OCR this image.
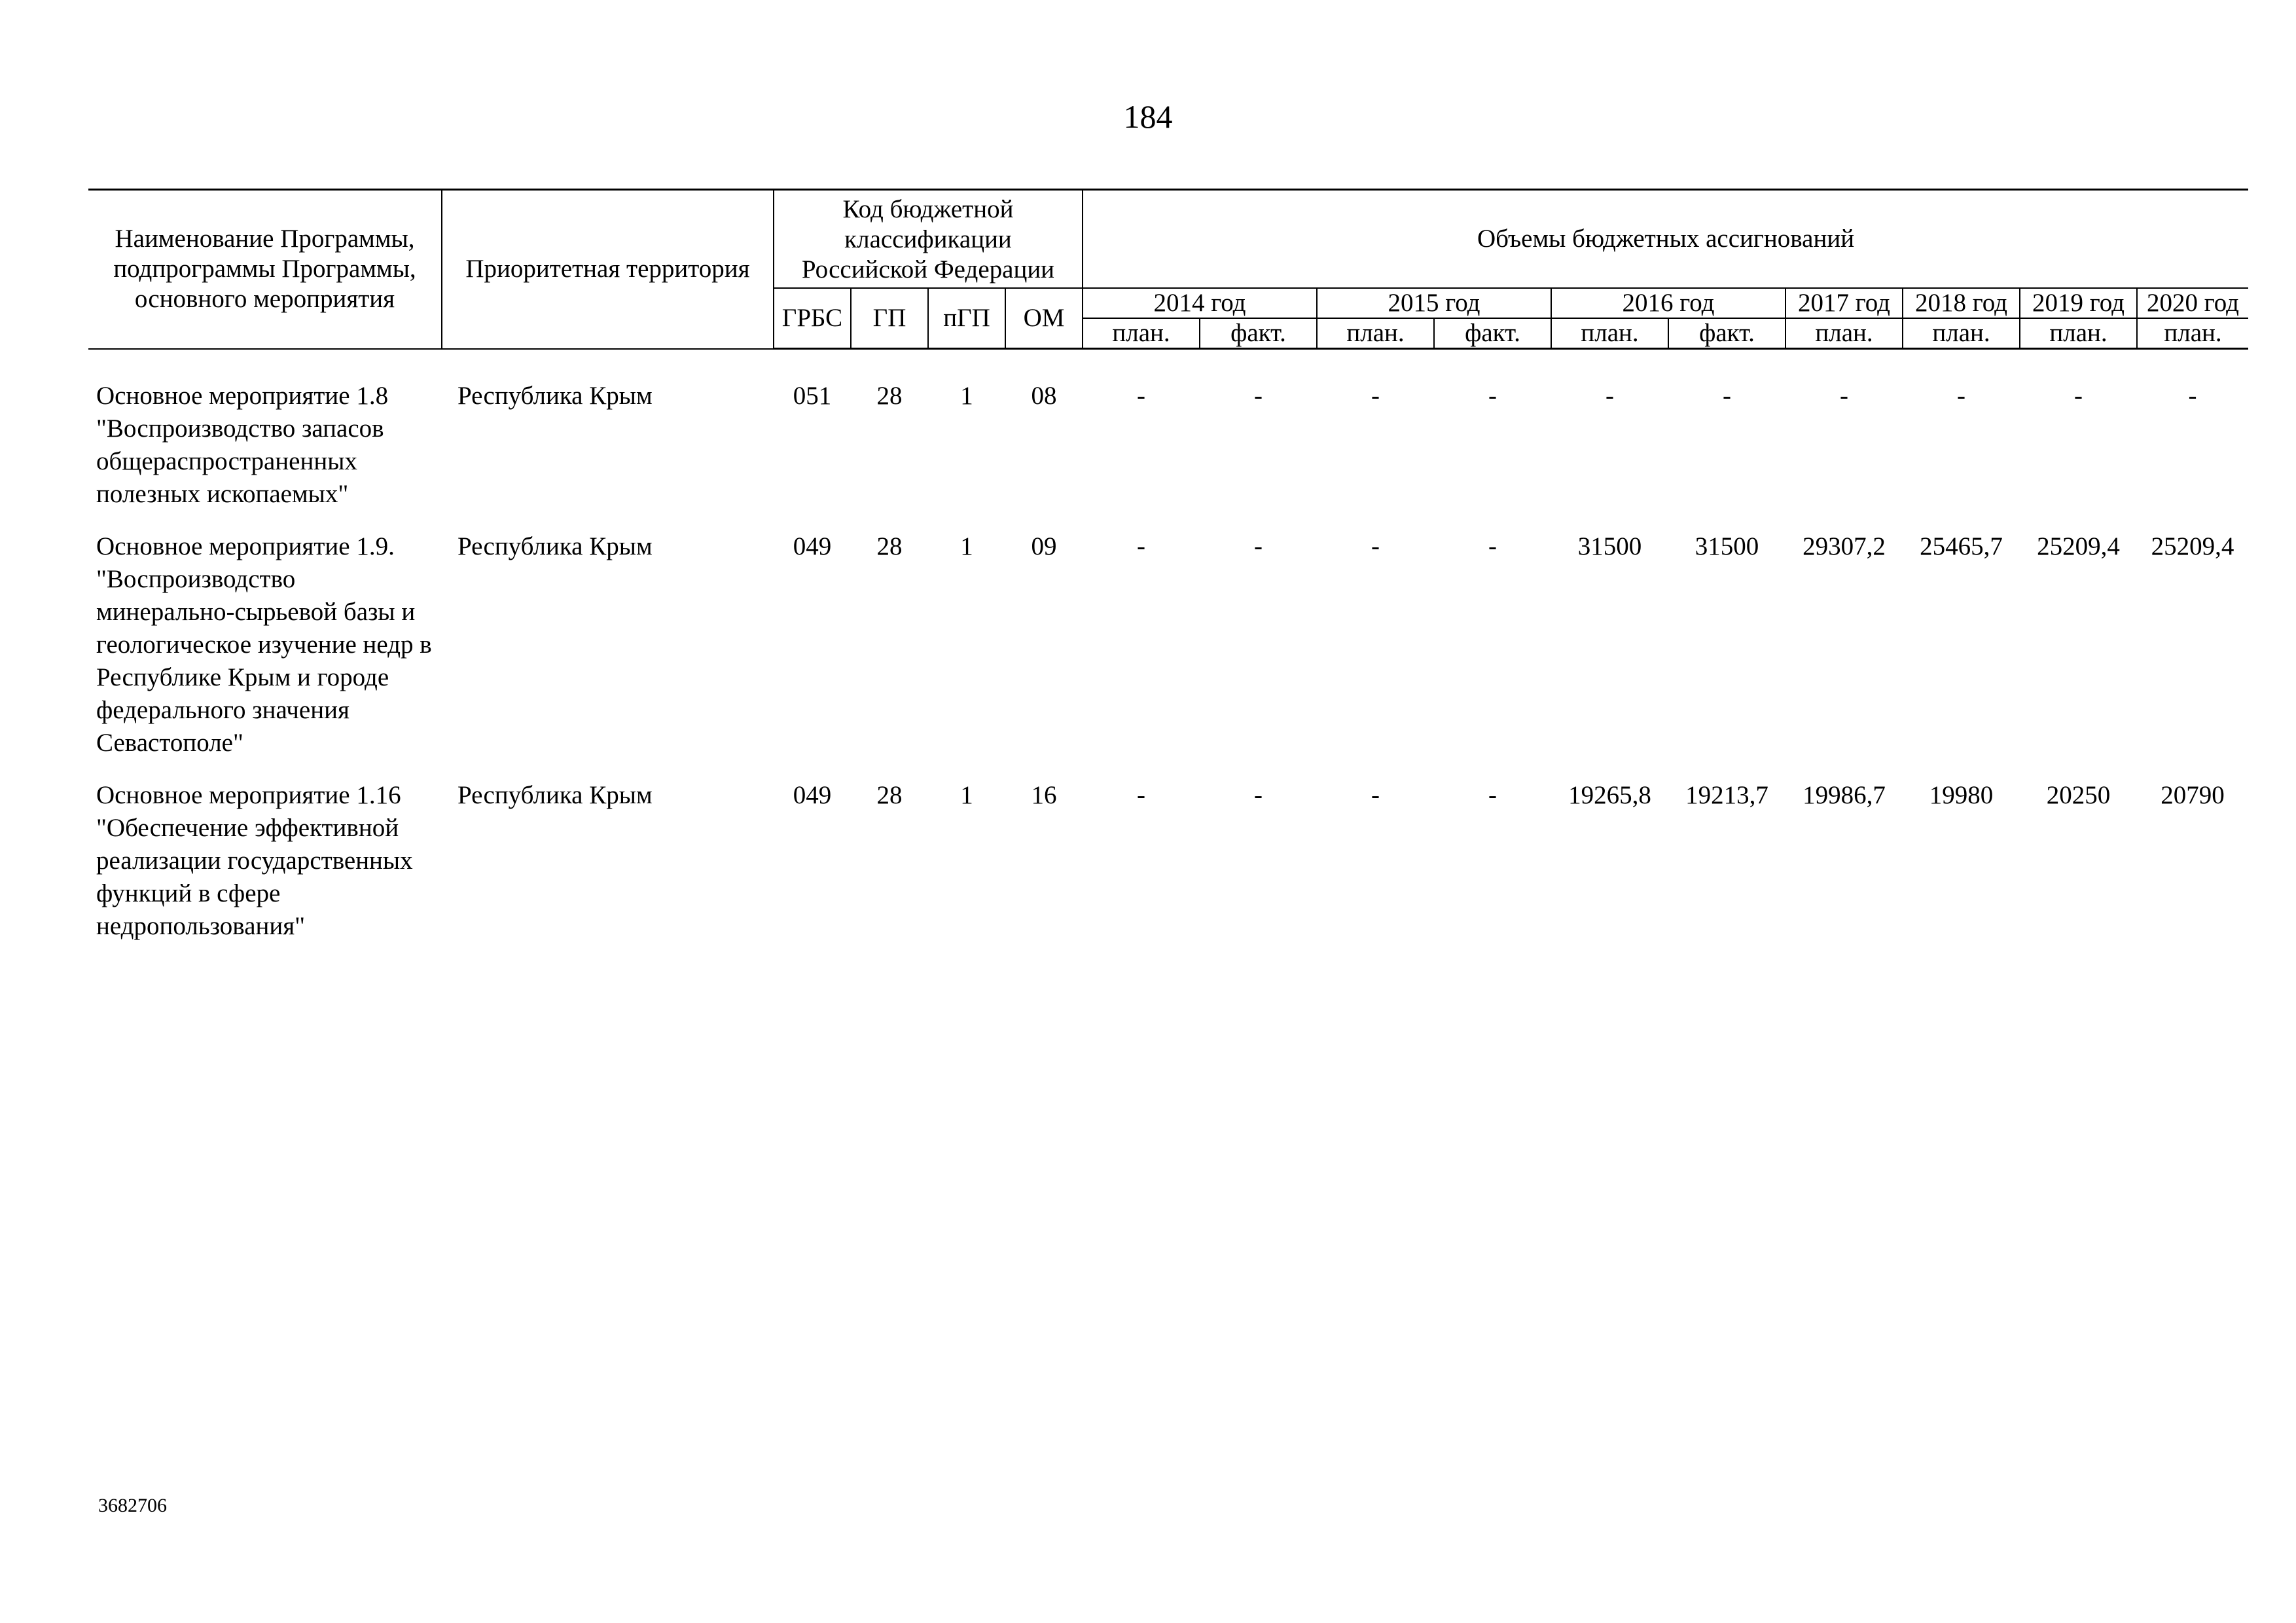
184
Наименование Программы, подпрограммы Программы, основного мероприятия	Приоритетная территория	Код бюджетной классификации Российской Федерации				Объемы бюджетных ассигнований									
		ГРБС	ГП	пГП	ОМ	2014 год		2015 год		2016 год		2017 год	2018 год	2019 год	2020 год
						план.	факт.	план.	факт.	план.	факт.	план.	план.	план.	план.

Основное мероприятие 1.8 "Воспроизводство запасов общераспространенных полезных ископаемых"	Республика Крым	051	28	1	08	-	-	-	-	-	-	-	-	-	-
Основное мероприятие 1.9. "Воспроизводство минерально-сырьевой базы и геологическое изучение недр в Республике Крым и городе федерального значения Севастополе"	Республика Крым	049	28	1	09	-	-	-	-	31500	31500	29307,2	25465,7	25209,4	25209,4
Основное мероприятие 1.16 "Обеспечение эффективной реализации государственных функций в сфере недропользования"	Республика Крым	049	28	1	16	-	-	-	-	19265,8	19213,7	19986,7	19980	20250	20790
3682706
